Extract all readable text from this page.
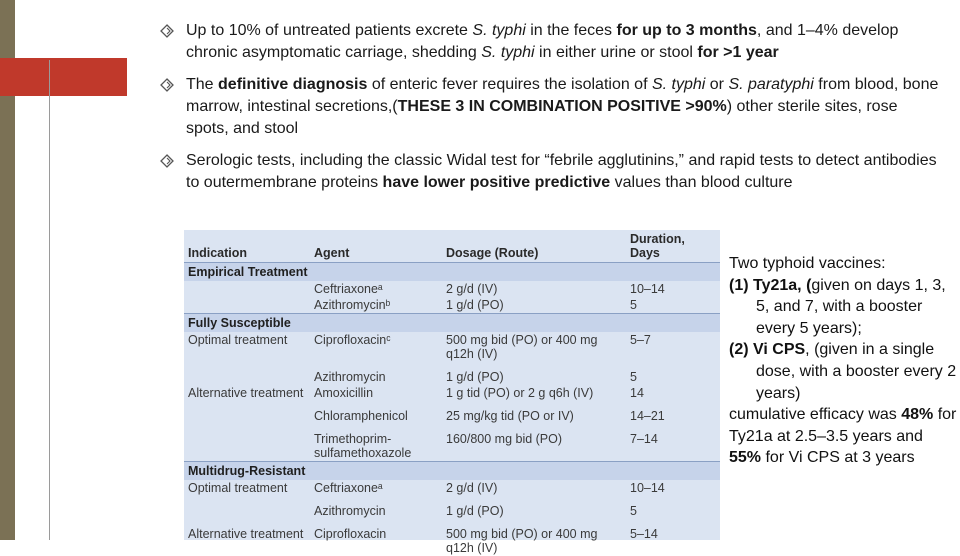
Up to 10% of untreated patients excrete S. typhi in the feces for up to 3 months, and 1–4% develop chronic asymptomatic carriage, shedding S. typhi in either urine or stool for >1 year
The definitive diagnosis of enteric fever requires the isolation of S. typhi or S. paratyphi from blood, bone marrow, intestinal secretions,(THESE 3 IN COMBINATION POSITIVE >90%) other sterile sites, rose spots, and stool
Serologic tests, including the classic Widal test for “febrile agglutinins,” and rapid tests to detect antibodies to outermembrane proteins have lower positive predictive values than blood culture
Indication	Agent	Dosage (Route)	Duration, Days
Empirical Treatment			
	Ceftriaxoneᵃ	2 g/d (IV)	10–14
	Azithromycinᵇ	1 g/d (PO)	5
Fully Susceptible			
Optimal treatment	Ciprofloxacinᶜ	500 mg bid (PO) or 400 mg q12h (IV)	5–7
	Azithromycin	1 g/d (PO)	5
Alternative treatment	Amoxicillin	1 g tid (PO) or 2 g q6h (IV)	14
	Chloramphenicol	25 mg/kg tid (PO or IV)	14–21
	Trimethoprim-sulfamethoxazole	160/800 mg bid (PO)	7–14
Multidrug-Resistant			
Optimal treatment	Ceftriaxoneᵃ	2 g/d (IV)	10–14
	Azithromycin	1 g/d (PO)	5
Alternative treatment	Ciprofloxacin	500 mg bid (PO) or 400 mg q12h (IV)	5–14
Two typhoid vaccines:
(1) Ty21a, (given on days 1, 3, 5, and 7, with a booster every 5 years);
(2) Vi CPS, (given in a single dose, with a booster every 2 years)
cumulative efficacy was 48% for Ty21a at 2.5–3.5 years and 55% for Vi CPS at 3 years
